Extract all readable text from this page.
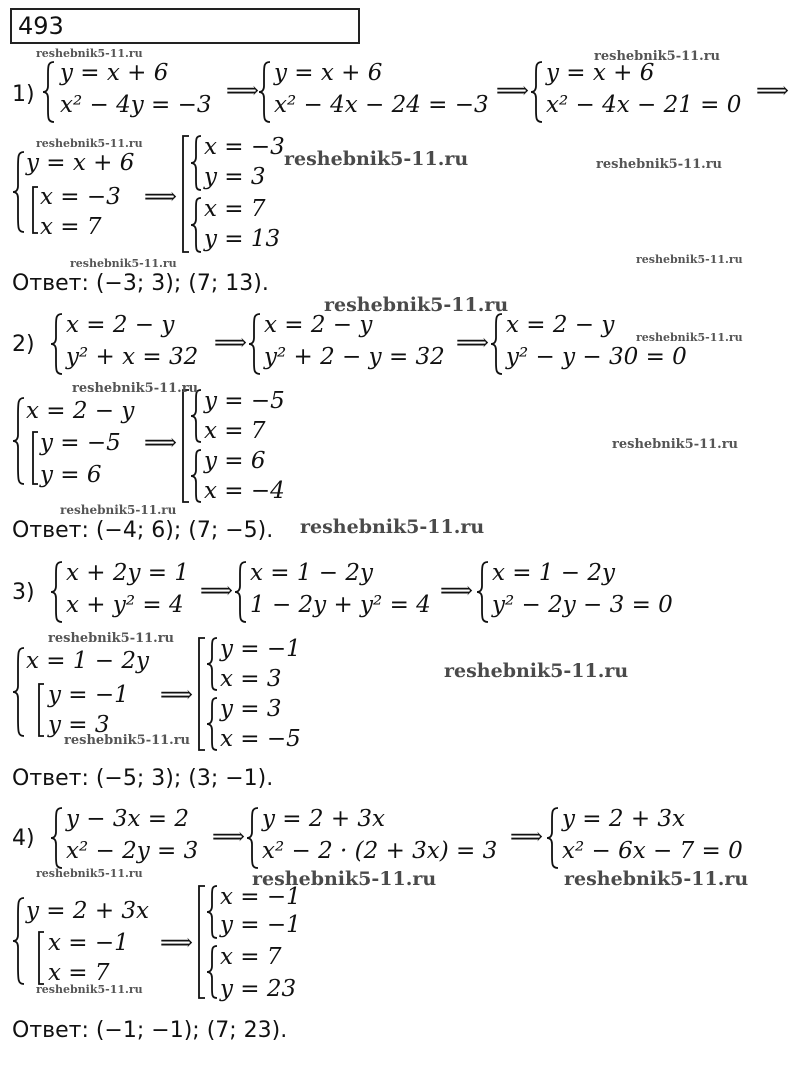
493
1)
y = x + 6
x² − 4y = −3
⟹
y = x + 6
x² − 4x − 24 = −3
⟹
y = x + 6
x² − 4x − 21 = 0
⟹
y = x + 6
x = −3
x = 7
⟹
x = −3
y = 3
x = 7
y = 13
Ответ: (−3; 3); (7; 13).
2)
x = 2 − y
y² + x = 32
⟹
x = 2 − y
y² + 2 − y = 32
⟹
x = 2 − y
y² − y − 30 = 0
x = 2 − y
y = −5
y = 6
⟹
y = −5
x = 7
y = 6
x = −4
Ответ: (−4; 6); (7; −5).
3)
x + 2y = 1
x + y² = 4
⟹
x = 1 − 2y
1 − 2y + y² = 4
⟹
x = 1 − 2y
y² − 2y − 3 = 0
x = 1 − 2y
y = −1
y = 3
⟹
y = −1
x = 3
y = 3
x = −5
Ответ: (−5; 3); (3; −1).
4)
y − 3x = 2
x² − 2y = 3
⟹
y = 2 + 3x
x² − 2 · (2 + 3x) = 3
⟹
y = 2 + 3x
x² − 6x − 7 = 0
y = 2 + 3x
x = −1
x = 7
⟹
x = −1
y = −1
x = 7
y = 23
Ответ: (−1; −1); (7; 23).
reshebnik5-11.ru	reshebnik5-11.ru
reshebnik5-11.ru
reshebnik5-11.ru	reshebnik5-11.ru
reshebnik5-11.ru	reshebnik5-11.ru
reshebnik5-11.ru
reshebnik5-11.ru
reshebnik5-11.ru
reshebnik5-11.ru
reshebnik5-11.ru
reshebnik5-11.ru
reshebnik5-11.ru
reshebnik5-11.ru
reshebnik5-11.ru
reshebnik5-11.ru	reshebnik5-11.ru	reshebnik5-11.ru
reshebnik5-11.ru
